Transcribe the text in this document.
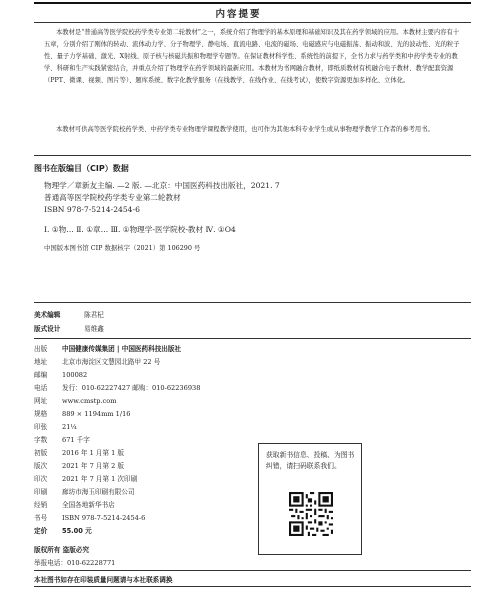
内容提要

本教材是“普通高等医学院校药学类专业第二轮教材”之一，系统介绍了物理学的基本原理和基础知识及其在药学领域的应用。本教材主要内容有十五章，分别介绍了刚体的转动、流体动力学、分子物理学、静电场、直流电路、电流的磁场、电磁感应与电磁振荡、振动和波、光的波动性、光的粒子性、量子力学基础、激光、X射线、原子核与核磁共振和物理学专题等。在保证教材科学性、系统性的前提下，全书力求与药学类和中药学类专业的教学、科研和生产实践紧密结合，并重点介绍了物理学在药学领域的最新应用。本教材为书网融合教材，即纸质教材有机融合电子教材、教学配套资源（PPT、微课、视频、图片等）、题库系统、数字化教学服务（在线教学、在线作业、在线考试），使数字资源更加多样化、立体化。

本教材可供高等医学院校药学类、中药学类专业物理学课程教学使用，也可作为其他本科专业学生或从事物理学教学工作者的参考用书。

图书在版编目（CIP）数据
物理学／章新友主编. —2 版. —北京：中国医药科技出版社，2021. 7
普通高等医学院校药学类专业第二轮教材
ISBN 978-7-5214-2454-6
Ⅰ. ①物… Ⅱ. ①章… Ⅲ. ①物理学-医学院校-教材 Ⅳ. ①O4
中国版本图书馆 CIP 数据核字（2021）第 106290 号
美术编辑	陈君杞
版式设计	易维鑫
出版 中国健康传媒集团 | 中国医药科技出版社
地址 北京市海淀区文慧园北路甲 22 号
邮编 100082
电话 发行：010-62227427 邮购：010-62236938
网址 www.cmstp.com
规格 889 × 1194mm 1/16
印张 21¼
字数 671 千字
初版 2016 年 1 月第 1 版
版次 2021 年 7 月第 2 版
印次 2021 年 7 月第 1 次印刷
印刷 廊坊市海玉印刷有限公司
经销 全国各地新华书店
书号 ISBN 978-7-5214-2454-6
定价 55.00 元
版权所有 盗版必究
举报电话：010-62228771
获取新书信息、投稿、为图书纠错，请扫码联系我们。
本社图书如存在印装质量问题请与本社联系调换
